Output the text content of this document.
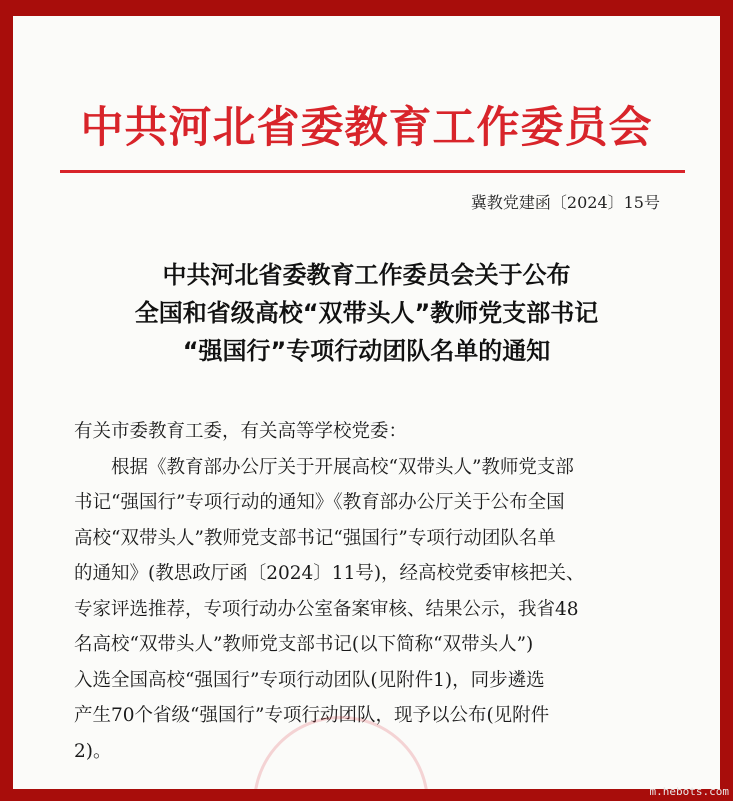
中共河北省委教育工作委员会
冀教党建函〔2024〕15号
中共河北省委教育工作委员会关于公布
全国和省级高校“双带头人”教师党支部书记
“强国行”专项行动团队名单的通知
有关市委教育工委，有关高等学校党委：
　　根据《教育部办公厅关于开展高校“双带头人”教师党支部
书记“强国行”专项行动的通知》《教育部办公厅关于公布全国
高校“双带头人”教师党支部书记“强国行”专项行动团队名单
的通知》(教思政厅函〔2024〕11号)，经高校党委审核把关、
专家评选推荐，专项行动办公室备案审核、结果公示，我省48
名高校“双带头人”教师党支部书记(以下简称“双带头人”)
入选全国高校“强国行”专项行动团队(见附件1)，同步遴选
产生70个省级“强国行”专项行动团队，现予以公布(见附件
2)。
m.hebots.com
